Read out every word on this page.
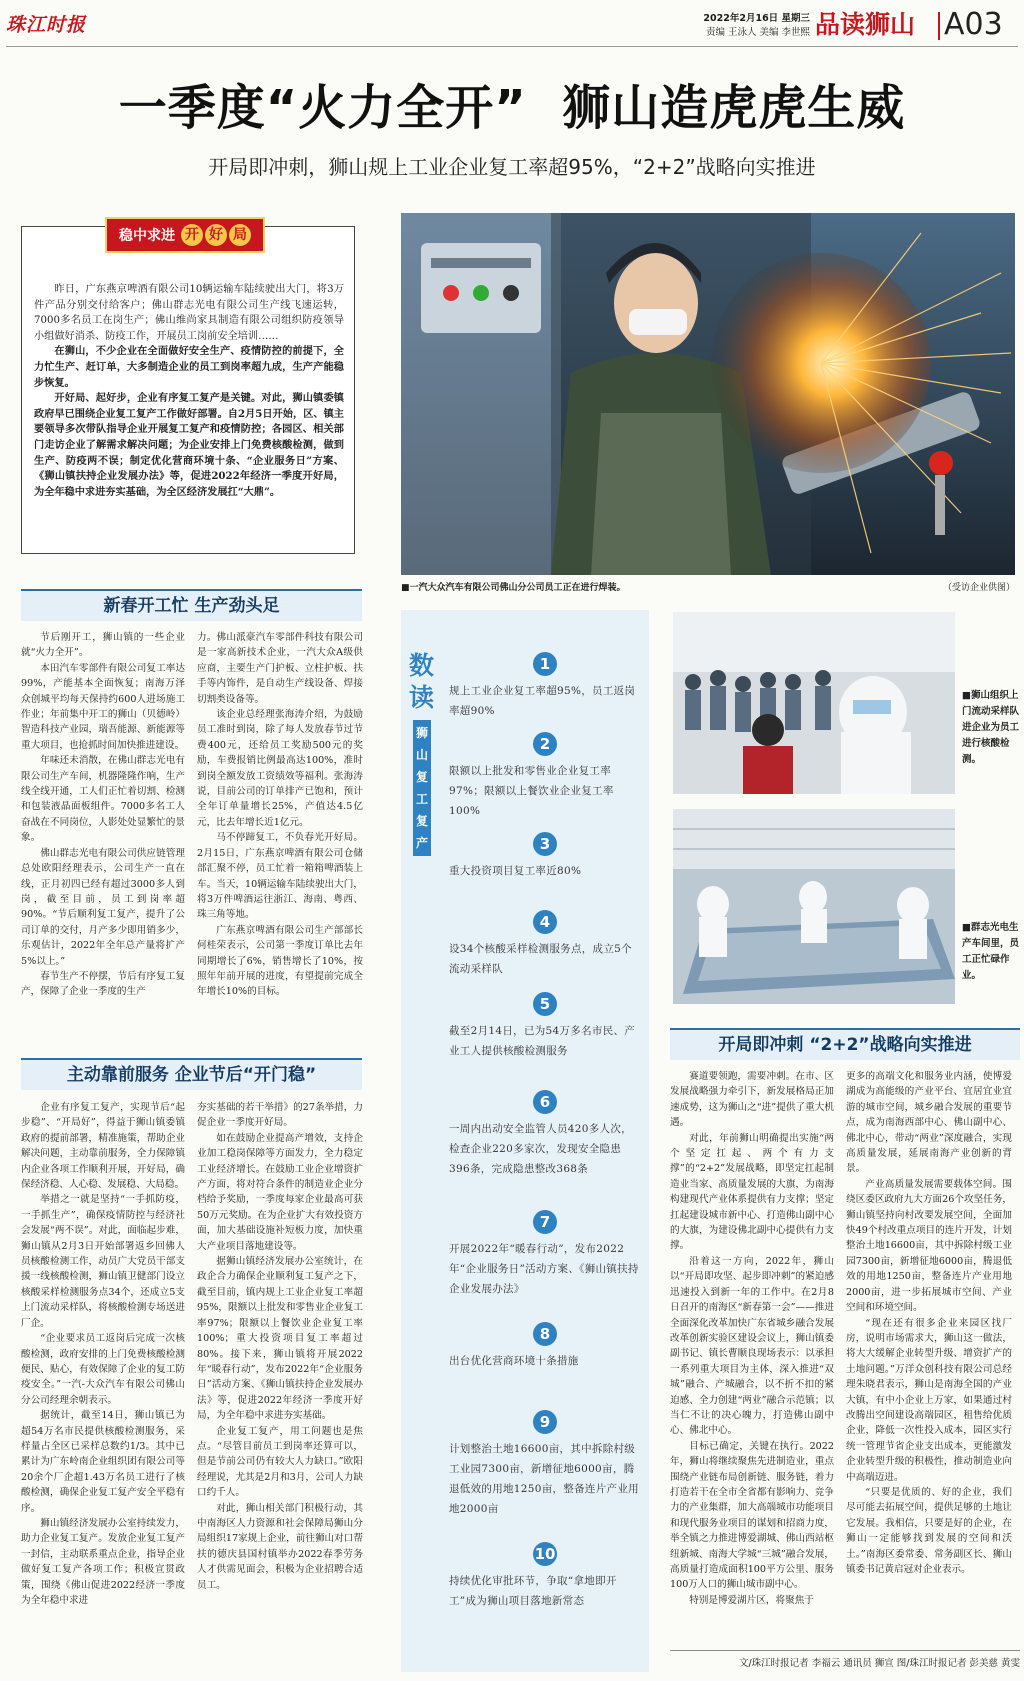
珠江时报	2022年2月16日 星期三
责编 王泳人 美编 李世熙 品读狮山 A03
一季度“火力全开”  狮山造虎虎生威
开局即冲刺，狮山规上工业企业复工率超95%，“2+2”战略向实推进
稳中求进 开 好 局

昨日，广东燕京啤酒有限公司10辆运输车陆续驶出大门，将3万件产品分别交付给客户；佛山群志光电有限公司生产线飞速运转，7000多名员工在岗生产；佛山维尚家具制造有限公司组织防疫领导小组做好消杀、防疫工作，开展员工岗前安全培训……

在狮山，不少企业在全面做好安全生产、疫情防控的前提下，全力忙生产、赶订单，大多制造企业的员工到岗率超九成，生产产能稳步恢复。

开好局、起好步，企业有序复工复产是关键。对此，狮山镇委镇政府早已围绕企业复工复产工作做好部署。自2月5日开始，区、镇主要领导多次带队指导企业开展复工复产和疫情防控；各园区、相关部门走访企业了解需求解决问题；为企业安排上门免费核酸检测，做到生产、防疫两不误；制定优化营商环境十条、“企业服务日”方案、《狮山镇扶持企业发展办法》等，促进2022年经济一季度开好局，为全年稳中求进夯实基础，为全区经济发展扛“大鼎”。

■一汽大众汽车有限公司佛山分公司员工正在进行焊装。	（受访企业供图）
新春开工忙 生产劲头足

节后刚开工，狮山镇的一些企业就“火力全开”。

本田汽车零部件有限公司复工率达99%，产能基本全面恢复；南海万泽众创城平均每天保持约600人进场施工作业；年前集中开工的狮山（贝德岭）智造科技产业园，瑞吾能源、新能源等重大项目，也抢抓时间加快推进建设。

年味还未消散，在佛山群志光电有限公司生产车间，机器隆隆作响，生产线全线开通，工人们正忙着切割、检测和包装液晶面板组件。7000多名工人奋战在不同岗位，人影处处显繁忙的景象。

佛山群志光电有限公司供应链管理总处欧阳经理表示，公司生产一直在线，正月初四已经有超过3000多人到岗，截至目前，员工到岗率超90%。“节后顺利复工复产，提升了公司订单的交付，月产多少即用销多少，乐观估计，2022年全年总产量将扩产5%以上。”

春节生产不停摆，节后有序复工复产，保障了企业一季度的生产

力。佛山派豪汽车零部件科技有限公司是一家高新技术企业，一汽大众A级供应商，主要生产门护板、立柱护板、扶手等内饰件，是自动生产线设备、焊接切割类设备等。

该企业总经理张海涛介绍，为鼓励员工准时到岗，除了每人发放春节过节费400元，还给员工奖励500元的奖励，车费报销比例最高达100%，准时到岗全额发放工资绩效等福利。张海涛说，目前公司的订单排产已饱和，预计全年订单量增长25%，产值达4.5亿元，比去年增长近1亿元。

马不停蹄复工，不负春光开好局。2月15日，广东燕京啤酒有限公司仓储部汇聚不停，员工忙着一箱箱啤酒装上车。当天，10辆运输车陆续驶出大门，将3万件啤酒运往浙江、海南、粤西、珠三角等地。

广东燕京啤酒有限公司生产部部长何桂荣表示，公司第一季度订单比去年同期增长了6%，销售增长了10%，按照年年前开展的进度，有望提前完成全年增长10%的目标。

主动靠前服务 企业节后“开门稳”

企业有序复工复产，实现节后“起步稳”、“开局好”，得益于狮山镇委镇政府的提前部署，精准施策，帮助企业解决问题，主动靠前服务，全力保障镇内企业各项工作顺利开展，开好局，确保经济稳、人心稳、发展稳、大局稳。

举措之一就是坚持“一手抓防疫，一手抓生产”，确保疫情防控与经济社会发展“两不误”。对此，面临起步难，狮山镇从2月3日开始部署返乡回佛人员核酸检测工作，动员广大党员干部支援一线核酸检测，狮山镇卫健部门设立核酸采样检测服务点34个，还成立5支上门流动采样队，将核酸检测专场送进厂企。

“企业要求员工返岗后完成一次核酸检测，政府安排的上门免费核酸检测便民、贴心，有效保障了企业的复工防疫安全。”一汽-大众汽车有限公司佛山分公司经理余朝表示。

据统计，截至14日，狮山镇已为超54万名市民提供核酸检测服务，采样量占全区已采样总数约1/3。其中已累计为广东岭南企业组织团有限公司等20余个厂企超1.43万名员工进行了核酸检测，确保企业复工复产安全平稳有序。

狮山镇经济发展办公室持续发力，助力企业复工复产。发放企业复工复产一封信，主动联系重点企业，指导企业做好复工复产各项工作；积极宣贯政策，围绕《佛山促进2022经济一季度为全年稳中求进

夯实基础的若干举措》的27条举措，力促企业一季度开好局。

如在鼓励企业提高产增效，支持企业加工稳岗保障等方面发力，全力稳定工业经济增长。在鼓励工业企业增资扩产方面，将对符合条件的制造业企业分档给予奖励，一季度每家企业最高可获50万元奖励。在为企业扩大有效投资方面，加大基础设施补短板力度，加快重大产业项目落地建设等。

据狮山镇经济发展办公室统计，在政企合力确保企业顺利复工复产之下，截至目前，镇内规上工业企业复工率超95%，限额以上批发和零售业企业复工率97%；限额以上餐饮业企业复工率100%；重大投资项目复工率超过80%。接下来，狮山镇将开展2022年“暖春行动”，发布2022年“企业服务日”活动方案、《狮山镇扶持企业发展办法》等，促进2022年经济一季度开好局，为全年稳中求进夯实基础。

企业复工复产，用工问题也是焦点。“尽管目前员工到岗率还算可以，但是节前公司仍有较大人力缺口。”欧阳经理说，尤其是2月和3月，公司人力缺口约千人。

对此，狮山相关部门积极行动，其中南海区人力资源和社会保障局狮山分局组织17家规上企业，前往狮山对口帮扶的德庆县国村镇举办2022春季劳务人才供需见面会，积极为企业招聘合适员工。

数
读
狮
山
复
工
复
产
1
规上工业企业复工率超95%，员工返岗率超90%
2
限额以上批发和零售业企业复工率97%；限额以上餐饮业企业复工率100%
3
重大投资项目复工率近80%
4
设34个核酸采样检测服务点，成立5个流动采样队
5
截至2月14日，已为54万多名市民、产业工人提供核酸检测服务
6
一周内出动安全监管人员420多人次，检查企业220多家次，发现安全隐患396条，完成隐患整改368条
7
开展2022年“暖春行动”，发布2022年“企业服务日”活动方案、《狮山镇扶持企业发展办法》
8
出台优化营商环境十条措施
9
计划整治土地16600亩，其中拆除村级工业园7300亩，新增征地6000亩，腾退低效的用地1250亩，整备连片产业用地2000亩
10
持续优化审批环节，争取“拿地即开工”成为狮山项目落地新常态
■狮山组织上门流动采样队进企业为员工进行核酸检测。
■群志光电生产车间里，员工正忙碌作业。
开局即冲刺 “2+2”战略向实推进

赛道要领跑，需要冲刺。在市、区发展战略强力牵引下，新发展格局正加速成势，这为狮山之“进”提供了重大机遇。

对此，年前狮山明确提出实施“两个坚定扛起、两个有力支撑”的“2+2”发展战略，即坚定扛起制造业当家、高质量发展的大旗，为南海构建现代产业体系提供有力支撑；坚定扛起建设城市新中心、打造佛山副中心的大旗，为建设佛北副中心提供有力支撑。

沿着这一方向，2022年，狮山以“开局即攻坚、起步即冲刺”的紧迫感迅速投入到新一年的工作中。在2月8日召开的南海区“新春第一会”——推进全面深化改革加快广东省城乡融合发展改革创新实验区建设会议上，狮山镇委副书记、镇长曹顺良现场表示：以承担一系列重大项目为主体，深入推进“双城”融合、产城融合，以不折不扣的紧迫感、全力创建“两业”融合示范镇；以当仁不让的决心魄力，打造佛山副中心、佛北中心。

目标已确定，关键在执行。2022年，狮山将继续聚焦先进制造业，重点围绕产业链布局创新链、服务链，着力打造若干在全市全省都有影响力、竞争力的产业集群，加大高端城市功能项目和现代服务业项目的谋划和招商力度，举全镇之力推进博爱湖城、佛山西站枢纽新城、南海大学城“三城”融合发展，高质量打造成面积100平方公里、服务100万人口的狮山城市副中心。

特别是博爱湖片区，将聚焦于

更多的高端文化和服务业内涵，使博爱湖成为高能级的产业平台、宜居宜业宜游的城市空间，城乡融合发展的重要节点，成为南海西部中心、佛山副中心、佛北中心，带动“两业”深度融合，实现高质量发展，延展南海产业创新的背景。

产业高质量发展需要载体空间。围绕区委区政府九大方面26个攻坚任务，狮山镇坚持向村改要发展空间，全面加快49个村改重点项目的连片开发，计划整治土地16600亩，其中拆除村级工业园7300亩，新增征地6000亩，腾退低效的用地1250亩，整备连片产业用地2000亩，进一步拓展城市空间、产业空间和环境空间。

“现在还有很多企业来园区找厂房，说明市场需求大，狮山这一做法，将大大缓解企业转型升级、增资扩产的土地问题。”万洋众创科技有限公司总经理朱晓君表示，狮山是南海全国的产业大镇，有中小企业上万家，如果通过村改腾出空间建设高端园区，租售给优质企业，降低一次性投入成本，园区实行统一管理节省企业支出成本，更能激发企业转型升级的积极性，推动制造业向中高端迈进。

“只要是优质的、好的企业，我们尽可能去拓展空间，提供足够的土地让它发展。我相信，只要是好的企业，在狮山一定能够找到发展的空间和沃土。”南海区委常委、常务副区长、狮山镇委书记黄启冠对企业表示。

文/珠江时报记者 李福云 通讯员 狮宣 图/珠江时报记者 彭美慈 黄雯
